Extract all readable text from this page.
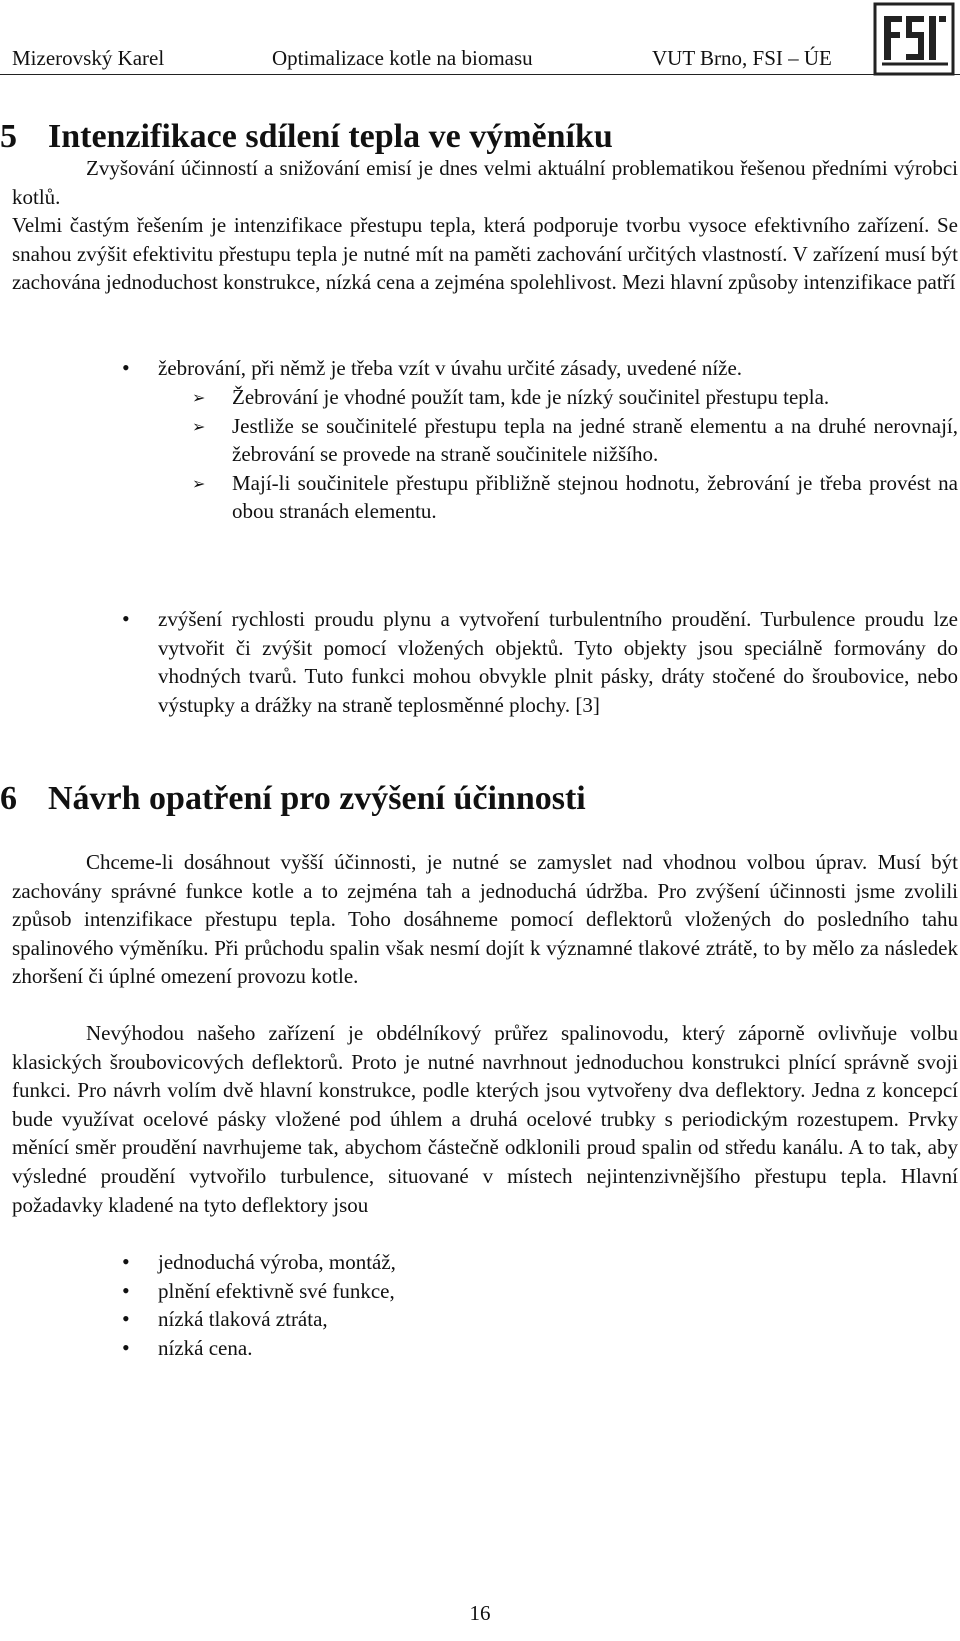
Mizerovský Karel	Optimalizace kotle na biomasu	VUT Brno, FSI – ÚE
5 Intenzifikace sdílení tepla ve výměníku

Zvyšování účinností a snižování emisí je dnes velmi aktuální problematikou řešenou předními výrobci kotlů.

Velmi častým řešením je intenzifikace přestupu tepla, která podporuje tvorbu vysoce efektivního zařízení. Se snahou zvýšit efektivitu přestupu tepla je nutné mít na paměti zachování určitých vlastností. V zařízení musí být zachována jednoduchost konstrukce, nízká cena a zejména spolehlivost. Mezi hlavní způsoby intenzifikace patří

• žebrování, při němž je třeba vzít v úvahu určité zásady, uvedené níže.
➢ Žebrování je vhodné použít tam, kde je nízký součinitel přestupu tepla.
➢ Jestliže se součinitelé přestupu tepla na jedné straně elementu a na druhé nerovnají, žebrování se provede na straně součinitele nižšího.
➢ Mají-li součinitele přestupu přibližně stejnou hodnotu, žebrování je třeba provést na obou stranách elementu.
• zvýšení rychlosti proudu plynu a vytvoření turbulentního proudění. Turbulence proudu lze vytvořit či zvýšit pomocí vložených objektů. Tyto objekty jsou speciálně formovány do vhodných tvarů. Tuto funkci mohou obvykle plnit pásky, dráty stočené do šroubovice, nebo výstupky a drážky na straně teplosměnné plochy. [3]
6 Návrh opatření pro zvýšení účinnosti

Chceme-li dosáhnout vyšší účinnosti, je nutné se zamyslet nad vhodnou volbou úprav. Musí být zachovány správné funkce kotle a to zejména tah a jednoduchá údržba. Pro zvýšení účinnosti jsme zvolili způsob intenzifikace přestupu tepla. Toho dosáhneme pomocí deflektorů vložených do posledního tahu spalinového výměníku. Při průchodu spalin však nesmí dojít k významné tlakové ztrátě, to by mělo za následek zhoršení či úplné omezení provozu kotle.

Nevýhodou našeho zařízení je obdélníkový průřez spalinovodu, který záporně ovlivňuje volbu klasických šroubovicových deflektorů. Proto je nutné navrhnout jednoduchou konstrukci plnící správně svoji funkci. Pro návrh volím dvě hlavní konstrukce, podle kterých jsou vytvořeny dva deflektory. Jedna z koncepcí bude využívat ocelové pásky vložené pod úhlem a druhá ocelové trubky s periodickým rozestupem. Prvky měnící směr proudění navrhujeme tak, abychom částečně odklonili proud spalin od středu kanálu. A to tak, aby výsledné proudění vytvořilo turbulence, situované v místech nejintenzivnějšího přestupu tepla. Hlavní požadavky kladené na tyto deflektory jsou

• jednoduchá výroba, montáž,
• plnění efektivně své funkce,
• nízká tlaková ztráta,
• nízká cena.
16
